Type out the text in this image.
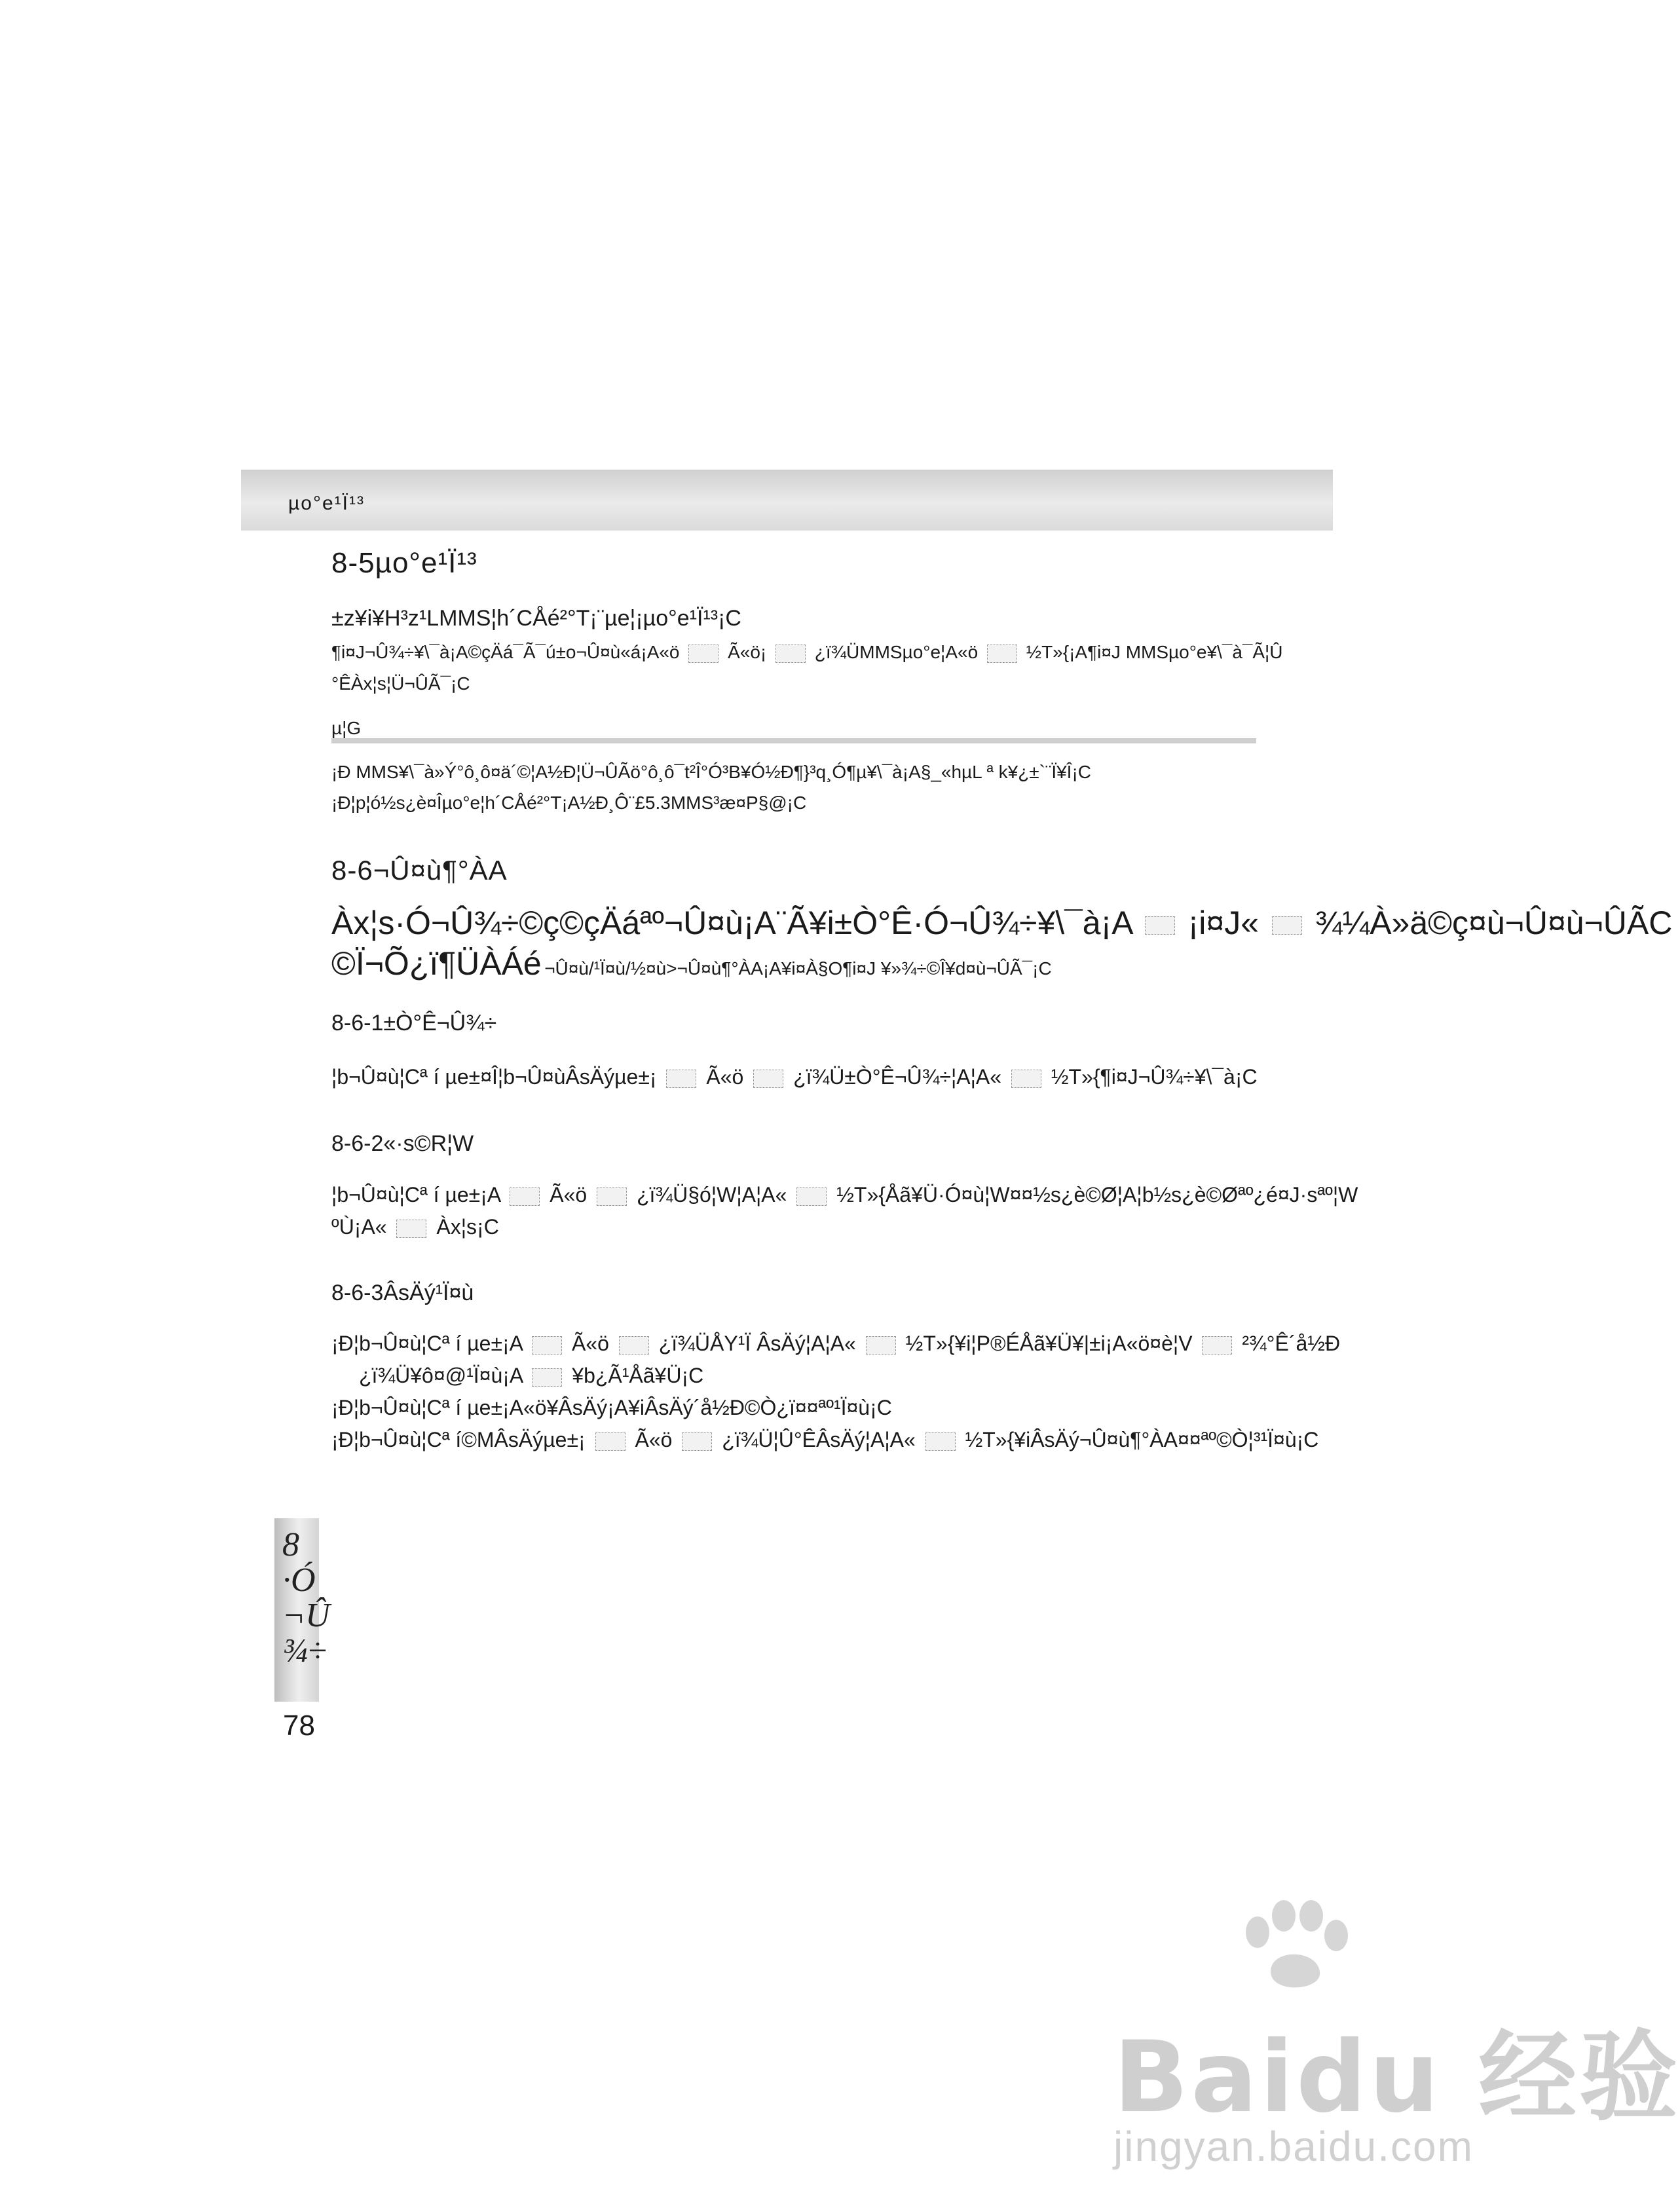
µo°e¹Ï¹³
8-5µo°e¹Ï¹³
±z¥i¥H³z¹LMMS¦h´CÅé²°T¡¨µe¦¡µo°e¹Ï¹³¡C
¶i¤J¬Û¾÷¥\¯à¡A©çÄá¯Ã¯ú±o¬Û¤ù«á¡A«ö	Ã«ö¡	¿ï¾ÜMMSµo°e¦A«ö	½T»{¡A¶i¤J MMSµo°e¥\¯à¯Ã¦Û
°ÊÀx¦s¦Ü¬ÛÃ¯¡C
µ¦G
¡Ð MMS¥\¯à»Ý°ô¸ô¤ä´©¦A½Ð¦Ü¬ÛÃö°ô¸ô¯t²Î°Ó³B¥Ó½Ð¶}³q¸Ó¶µ¥\¯à¡A§_«hµL ª k¥¿±`¨Ï¥Î¡C
¡Ð¦p¦ó½s¿è¤Îµo°e¦h´CÅé²°T¡A½Ð¸Ô¨£5.3MMS³æ¤P§@¡C
8-6¬Û¤ù¶°ÀA
Àx¦s·Ó¬Û¾÷©ç©çÄáªº¬Û¤ù¡A¨Ã¥i±Ò°Ê·Ó¬Û¾÷¥\¯à¡A ¡i¤J« ¾¼À»ä©ç¤ù¬Û¤ù¬ÛÃC
©Ï¬Õ¿ï¶ÜÀÁé ¬Û¤ù/¹Ï¤ù/½¤ù>¬Û¤ù¶°ÀA¡A¥i¤À§O¶i¤J ¥»¾÷©Î¥d¤ù¬ÛÃ¯¡C
8-6-1±Ò°Ê¬Û¾÷
¦b¬Û¤ù¦Cª í µe±¤Î¦b¬Û¤ùÂsÄýµe±¡ Ã«ö ¿ï¾Ü±Ò°Ê¬Û¾÷¦A¦A« ½T»{¶i¤J¬Û¾÷¥\¯à¡C
8-6-2«·s©R¦W
¦b¬Û¤ù¦Cª í µe±¡A Ã«ö ¿ï¾Ü§ó¦W¦A¦A« ½T»{Åã¥Ü·Ó¤ù¦W¤¤½s¿è©Ø¦A¦b½s¿è©Øªº¿é¤J·sªº¦W
ºÙ¡A« Àx¦s¡C
8-6-3ÂsÄý¹Ï¤ù
¡Ð¦b¬Û¤ù¦Cª í µe±¡A Ã«ö ¿ï¾ÜÅY¹Ï ÂsÄý¦A¦A« ½T»{¥i¦P®ÉÅã¥Ü¥|±i¡A«ö¤è¦V ²¾°Ê´å½Ð
¿ï¾Ü¥ô¤@¹Ï¤ù¡A ¥b¿Ã¹Åã¥Ü¡C
¡Ð¦b¬Û¤ù¦Cª í µe±¡A«ö¥ÂsÄý¡A¥iÂsÄý´å½Ð©Ò¿ï¤¤ªº¹Ï¤ù¡C
¡Ð¦b¬Û¤ù¦Cª í©MÂsÄýµe±¡ Ã«ö ¿ï¾Ü¦Û°ÊÂsÄý¦A¦A« ½T»{¥iÂsÄý¬Û¤ù¶°ÀA¤¤ªº©Ò¦³¹Ï¤ù¡C
8
·Ó
¬Û
¾÷
78
Baidu 经验
jingyan.baidu.com
